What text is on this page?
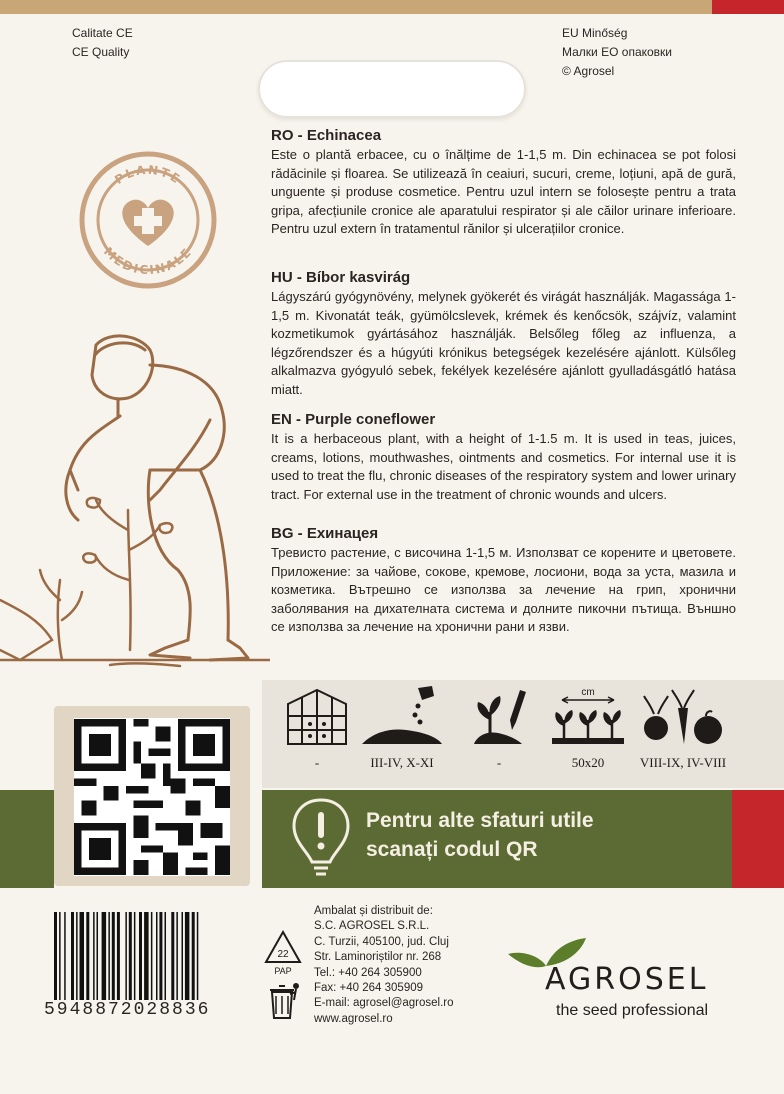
Calitate CE
CE Quality
EU Minőség
Малки ЕО опаковки
© Agrosel
PLANTE
MEDICINALE
RO - Echinacea

Este o plantă erbacee, cu o înălțime de 1-1,5 m. Din echinacea se pot folosi rădăcinile și floarea. Se utilizează în ceaiuri, sucuri, creme, loțiuni, apă de gură, unguente și produse cosmetice. Pentru uzul intern se folosește pentru a trata gripa, afecțiunile cronice ale aparatului respirator și ale căilor urinare inferioare. Pentru uzul extern în tratamentul rănilor și ulcerațiilor cronice.

HU - Bíbor kasvirág

Lágyszárú gyógynövény, melynek gyökerét és virágát használják. Magassága 1-1,5 m. Kivonatát teák, gyümölcslevek, krémek és kenőcsök, szájvíz, valamint kozmetikumok gyártásához használják. Belsőleg főleg az influenza, a légzőrendszer és a húgyúti krónikus betegségek kezelésére ajánlott. Külsőleg alkalmazva gyógyuló sebek, fekélyek kezelésére ajánlott gyulladásgátló hatása miatt.

EN - Purple coneflower

It is a herbaceous plant, with a height of 1-1.5 m. It is used in teas, juices, creams, lotions, mouthwashes, ointments and cosmetics. For internal use it is used to treat the flu, chronic diseases of the respiratory system and lower urinary tract. For external use in the treatment of chronic wounds and ulcers.

BG - Ехинацея

Тревисто растение, с височина 1-1,5 м. Използват се корените и цветовете. Приложение: за чайове, сокове, кремове, лосиони, вода за уста, мазила и козметика. Вътрешно се използва за лечение на грип, хронични заболявания на дихателната система и долните пикочни пътища. Външно се използва за лечение на хронични рани и язви.

cm
-	III-IV, X-XI	-	50x20	VIII-IX, IV-VIII
Pentru alte sfaturi utile
scanați codul QR
5948872028836
22
PAP
Ambalat și distribuit de:
S.C. AGROSEL S.R.L.
C. Turzii, 405100, jud. Cluj
Str. Laminoriștilor nr. 268
Tel.: +40 264 305900
Fax: +40 264 305909
E-mail: agrosel@agrosel.ro
www.agrosel.ro
AGROSEL
the seed professional
